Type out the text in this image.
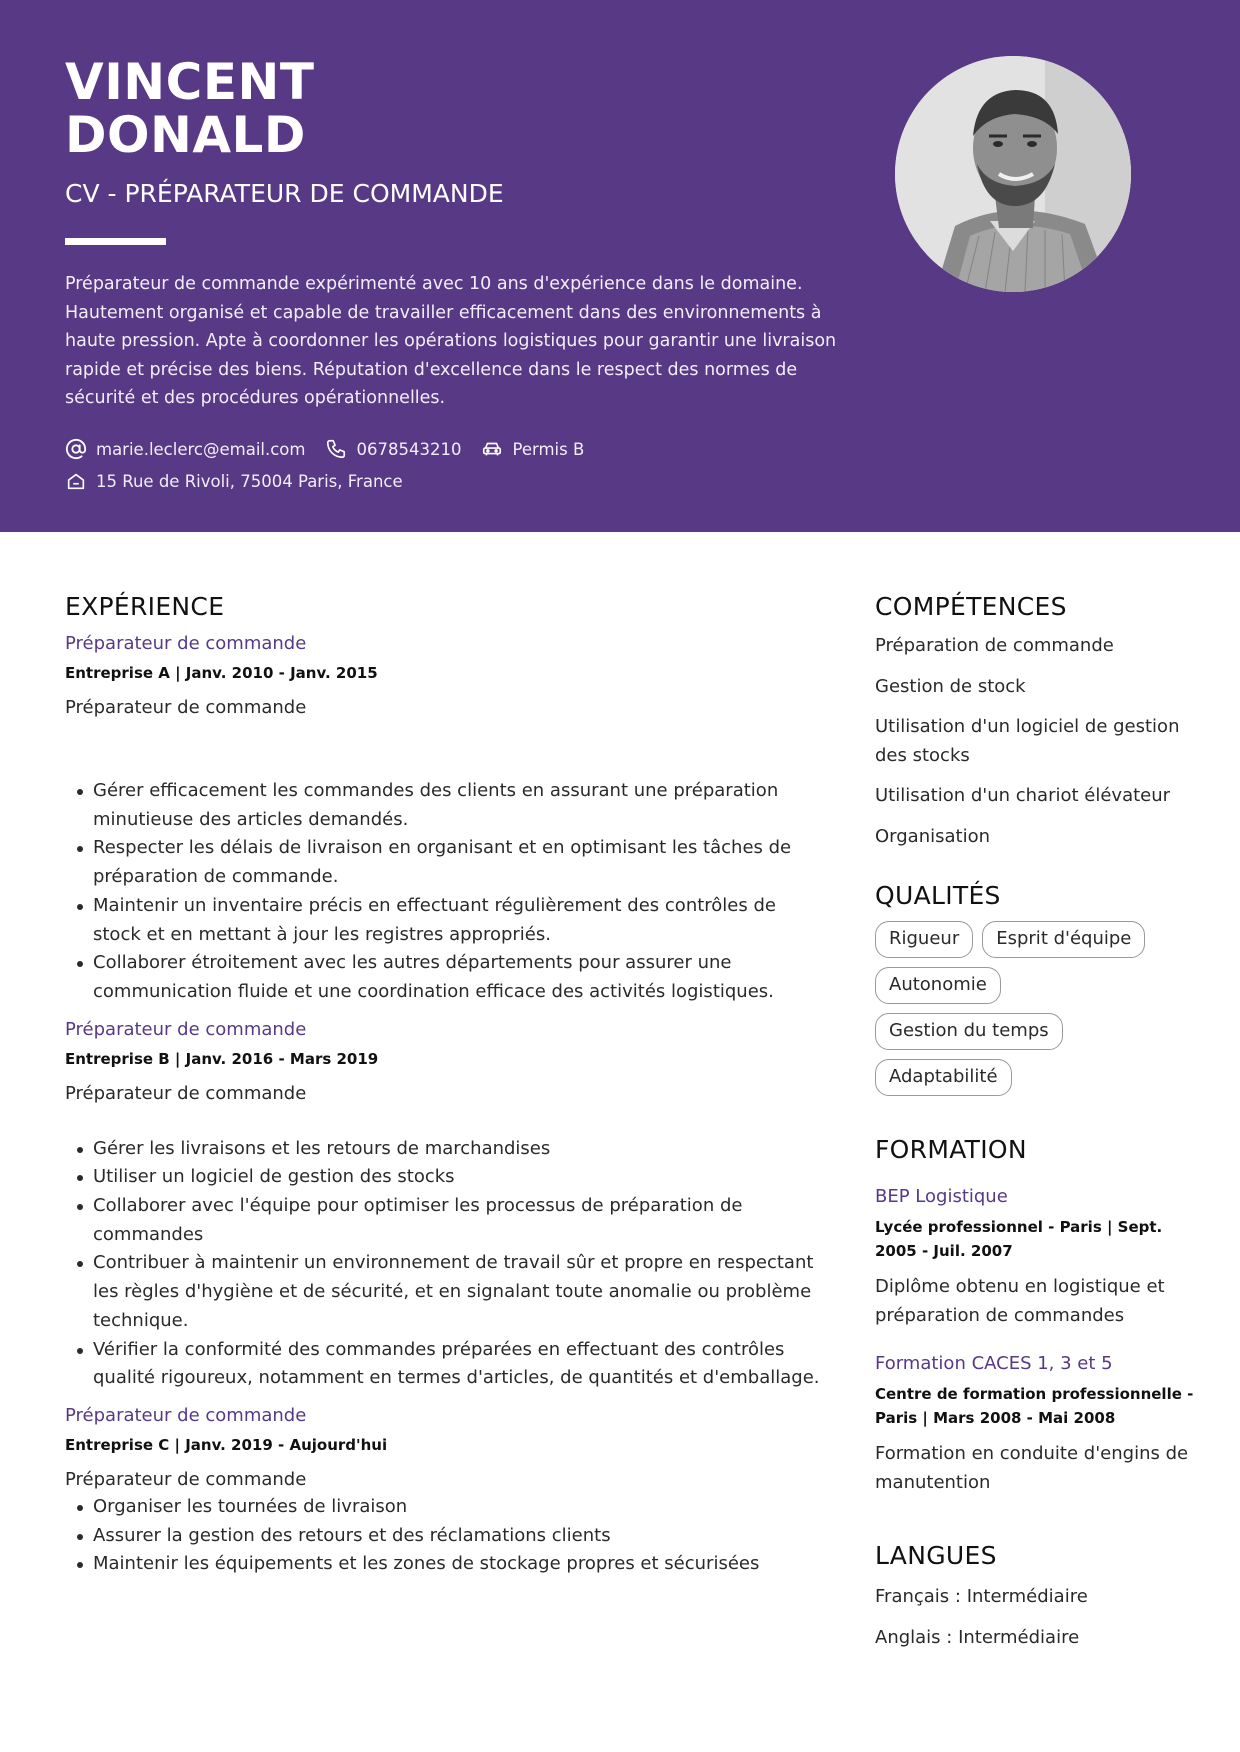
VINCENT
DONALD
CV - PRÉPARATEUR DE COMMANDE
Préparateur de commande expérimenté avec 10 ans d'expérience dans le domaine. Hautement organisé et capable de travailler efficacement dans des environnements à haute pression. Apte à coordonner les opérations logistiques pour garantir une livraison rapide et précise des biens. Réputation d'excellence dans le respect des normes de sécurité et des procédures opérationnelles.
marie.leclerc@email.com	0678543210	Permis B
15 Rue de Rivoli, 75004 Paris, France
EXPÉRIENCE
Préparateur de commande
Entreprise A | Janv. 2010 - Janv. 2015
Préparateur de commande
Gérer efficacement les commandes des clients en assurant une préparation minutieuse des articles demandés.
Respecter les délais de livraison en organisant et en optimisant les tâches de préparation de commande.
Maintenir un inventaire précis en effectuant régulièrement des contrôles de stock et en mettant à jour les registres appropriés.
Collaborer étroitement avec les autres départements pour assurer une communication fluide et une coordination efficace des activités logistiques.
Préparateur de commande
Entreprise B | Janv. 2016 - Mars 2019
Préparateur de commande
Gérer les livraisons et les retours de marchandises
Utiliser un logiciel de gestion des stocks
Collaborer avec l'équipe pour optimiser les processus de préparation de commandes
Contribuer à maintenir un environnement de travail sûr et propre en respectant les règles d'hygiène et de sécurité, et en signalant toute anomalie ou problème technique.
Vérifier la conformité des commandes préparées en effectuant des contrôles qualité rigoureux, notamment en termes d'articles, de quantités et d'emballage.
Préparateur de commande
Entreprise C | Janv. 2019 - Aujourd'hui
Préparateur de commande
Organiser les tournées de livraison
Assurer la gestion des retours et des réclamations clients
Maintenir les équipements et les zones de stockage propres et sécurisées
COMPÉTENCES
Préparation de commande
Gestion de stock
Utilisation d'un logiciel de gestion des stocks
Utilisation d'un chariot élévateur
Organisation
QUALITÉS
Rigueur	Esprit d'équipe
Autonomie
Gestion du temps
Adaptabilité
FORMATION
BEP Logistique
Lycée professionnel - Paris | Sept. 2005 - Juil. 2007
Diplôme obtenu en logistique et préparation de commandes
Formation CACES 1, 3 et 5
Centre de formation professionnelle - Paris | Mars 2008 - Mai 2008
Formation en conduite d'engins de manutention
LANGUES
Français : Intermédiaire
Anglais : Intermédiaire
